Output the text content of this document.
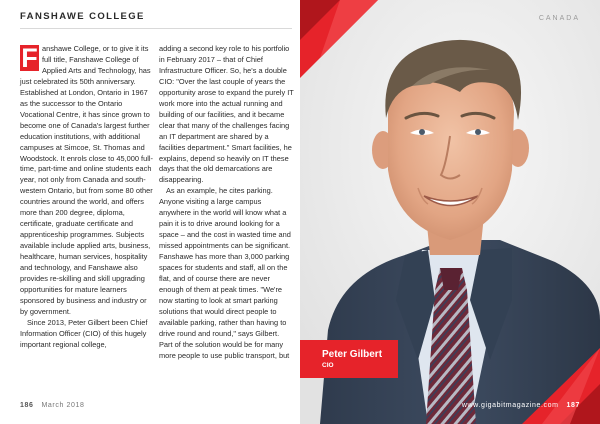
FANSHAWE COLLEGE

F anshawe College, or to give it its full title, Fanshawe College of Applied Arts and Technology, has just celebrated its 50th anniversary. Established at London, Ontario in 1967 as the successor to the Ontario Vocational Centre, it has since grown to become one of Canada's largest further education institutions, with additional campuses at Simcoe, St. Thomas and Woodstock. It enrols close to 45,000 full-time, part-time and online students each year, not only from Canada and south-western Ontario, but from some 80 other countries around the world, and offers more than 200 degree, diploma, certificate, graduate certificate and apprenticeship programmes. Subjects available include applied arts, business, healthcare, human services, hospitality and technology, and Fanshawe also provides re-skilling and skill upgrading opportunities for mature learners sponsored by business and industry or by government.

Since 2013, Peter Gilbert been Chief Information Officer (CIO) of this hugely important regional college,

adding a second key role to his portfolio in February 2017 – that of Chief Infrastructure Officer. So, he's a double CIO: "Over the last couple of years the opportunity arose to expand the purely IT work more into the actual running and building of our facilities, and it became clear that many of the challenges facing an IT department are shared by a facilities department." Smart facilities, he explains, depend so heavily on IT these days that the old demarcations are disappearing.

As an example, he cites parking. Anyone visiting a large campus anywhere in the world will know what a pain it is to drive around looking for a space – and the cost in wasted time and missed appointments can be significant. Fanshawe has more than 3,000 parking spaces for students and staff, all on the flat, and of course there are never enough of them at peak times. "We're now starting to look at smart parking solutions that would direct people to available parking, rather than having to drive round and round," says Gilbert. Part of the solution would be for many more people to use public transport, but

186 March 2018
CANADA
Peter Gilbert
CIO
www.gigabitmagazine.com 187
